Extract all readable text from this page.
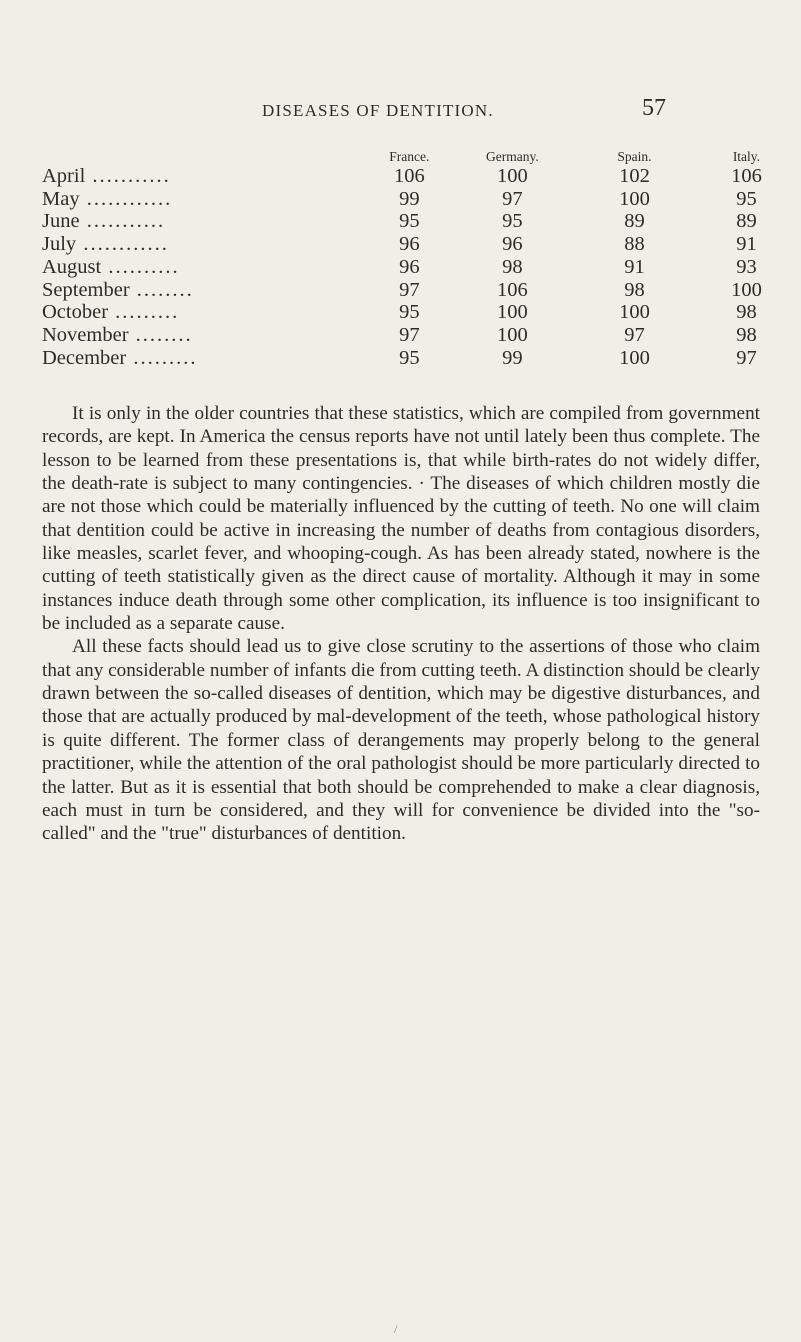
DISEASES OF DENTITION.	57
	France.	Germany.	Spain.	Italy.
April ...........	106	100	102	106
May ............	99	97	100	95
June ...........	95	95	89	89
July ............	96	96	88	91
August ..........	96	98	91	93
September ........	97	106	98	100
October .........	95	100	100	98
November ........	97	100	97	98
December .........	95	99	100	97

It is only in the older countries that these statistics, which are compiled from government records, are kept. In America the census reports have not until lately been thus complete. The lesson to be learned from these presentations is, that while birth-rates do not widely differ, the death-rate is subject to many contingencies. · The diseases of which children mostly die are not those which could be materially influenced by the cutting of teeth. No one will claim that dentition could be active in increasing the number of deaths from contagious disorders, like measles, scarlet fever, and whooping-cough. As has been already stated, nowhere is the cutting of teeth statistically given as the direct cause of mortality. Although it may in some instances induce death through some other complication, its influence is too insignificant to be included as a separate cause.

All these facts should lead us to give close scrutiny to the assertions of those who claim that any considerable number of infants die from cutting teeth. A distinction should be clearly drawn between the so-called diseases of dentition, which may be digestive disturbances, and those that are actually produced by mal-development of the teeth, whose pathological history is quite different. The former class of derangements may properly belong to the general practitioner, while the attention of the oral pathologist should be more particularly directed to the latter. But as it is essential that both should be comprehended to make a clear diagnosis, each must in turn be considered, and they will for convenience be divided into the "so-called" and the "true" disturbances of dentition.

/
